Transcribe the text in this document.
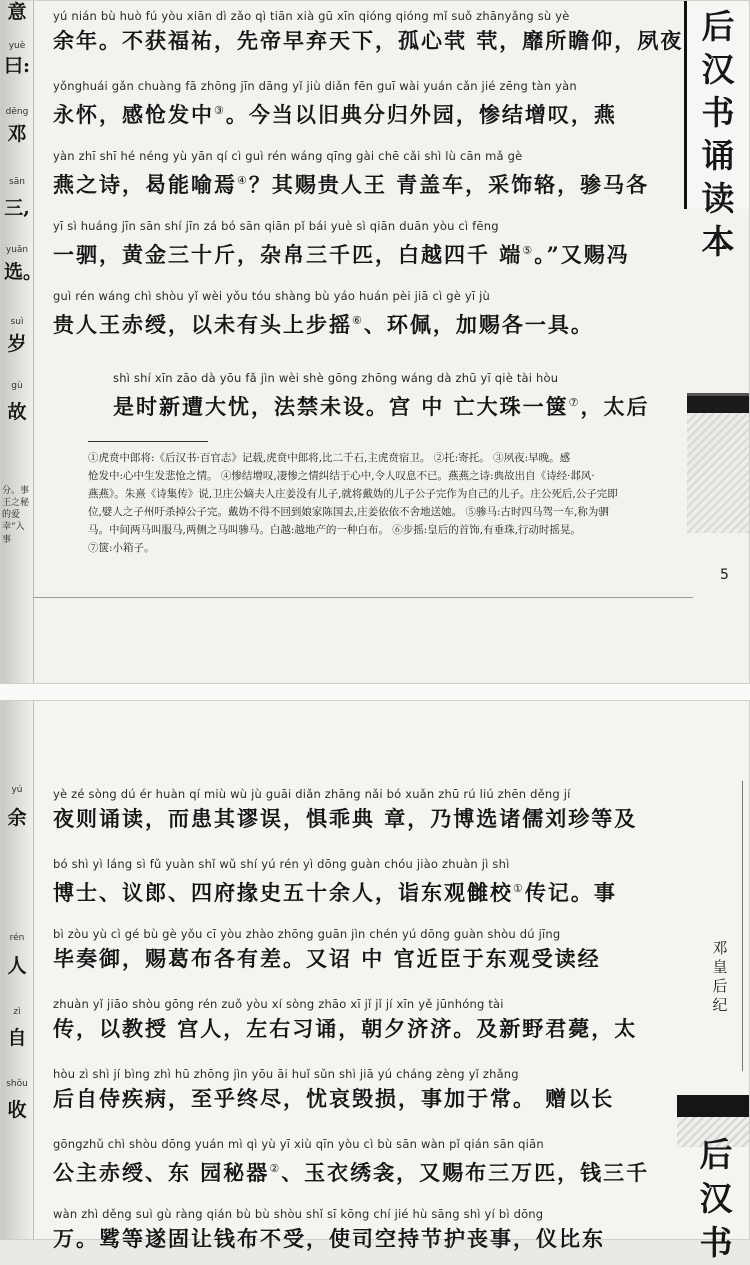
意
yuè
曰:
dēng
邓
sān
三,
yuān
选。
suì
岁
gù
故
分。事王之秘的爱幸“入事
yú nián bù huò fú yòu xiān dì zǎo qì tiān xià gū xīn qióng qióng mǐ suǒ zhānyǎng sù yè
余年。不获福祐，先帝早弃天下，孤心茕 茕，靡所瞻仰，夙夜
yǒnghuái gǎn chuàng fā zhōng jīn dāng yǐ jiù diǎn fēn guī wài yuán cǎn jié zēng tàn yàn
永怀，感怆发中③。今当以旧典分归外园，惨结增叹，燕
yàn zhī shī hé néng yù yān qí cì guì rén wáng qīng gài chē cǎi shì lù cān mǎ gè
燕之诗，曷能喻焉④？其赐贵人王 青盖车，采饰辂，骖马各
yī sì huáng jīn sān shí jīn zá bó sān qiān pǐ bái yuè sì qiān duān yòu cì fēng
一驷，黄金三十斤，杂帛三千匹，白越四千 端⑤。”又赐冯
guì rén wáng chì shòu yǐ wèi yǒu tóu shàng bù yáo huán pèi jiā cì gè yī jù
贵人王赤绶，以未有头上步摇⑥、环佩，加赐各一具。
shì shí xīn zāo dà yōu fǎ jìn wèi shè gōng zhōng wáng dà zhū yī qiè tài hòu
是时新遭大忧，法禁未设。宫 中 亡大珠一箧⑦，太后

①虎贲中郎将:《后汉书·百官志》记载,虎贲中郎将,比二千石,主虎贲宿卫。 ②托:寄托。 ③夙夜:早晚。感

怆发中:心中生发悲怆之情。 ④惨结增叹,凄惨之情纠结于心中,令人叹息不已。燕燕之诗:典故出自《诗经·邶风·

燕燕》。朱熹《诗集传》说,卫庄公嫡夫人庄姜没有儿子,就将戴妫的儿子公子完作为自己的儿子。庄公死后,公子完即

位,嬖人之子州吁杀掉公子完。戴妫不得不回到娘家陈国去,庄姜依依不舍地送她。 ⑤骖马:古时四马驾一车,称为驷

马。中间两马叫服马,两侧之马叫骖马。白越:越地产的一种白布。 ⑥步摇:皇后的首饰,有垂珠,行动时摇晃。

⑦箧:小箱子。

5
后
汉
书
诵
读
本
yú
余
rén
人
zì
自
shǒu
收
yè zé sòng dú ér huàn qí miù wù jù guāi diǎn zhāng nǎi bó xuǎn zhū rú liú zhēn děng jí
夜则诵读，而患其谬误，惧乖典 章，乃博选诸儒刘珍等及
bó shì yì láng sì fǔ yuàn shǐ wǔ shí yú rén yì dōng guàn chóu jiào zhuàn jì shì
博士、议郎、四府掾史五十余人，诣东观雠校①传记。事
bì zòu yù cì gé bù gè yǒu cī yòu zhào zhōng guān jìn chén yú dōng guàn shòu dú jīng
毕奏御，赐葛布各有差。又诏 中 官近臣于东观受读经
zhuàn yǐ jiāo shòu gōng rén zuǒ yòu xí sòng zhāo xī jǐ jǐ jí xīn yě jūnhóng tài
传，以教授 宫人，左右习诵，朝夕济济。及新野君薨，太
hòu zì shì jí bìng zhì hū zhōng jìn yōu āi huǐ sǔn shì jiā yú cháng zèng yǐ zhǎng
后自侍疾病，至乎终尽，忧哀毁损，事加于常。 赠以长
gōngzhǔ chì shòu dōng yuán mì qì yù yī xiù qīn yòu cì bù sān wàn pǐ qián sān qiān
公主赤绶、东 园秘器②、玉衣绣衾，又赐布三万匹，钱三千
wàn zhì děng suì gù ràng qián bù bù shòu shǐ sī kōng chí jié hù sāng shì yí bì dōng
万。骘等遂固让钱布不受，使司空持节护丧事，仪比东
邓
皇
后
纪
后
汉
书
